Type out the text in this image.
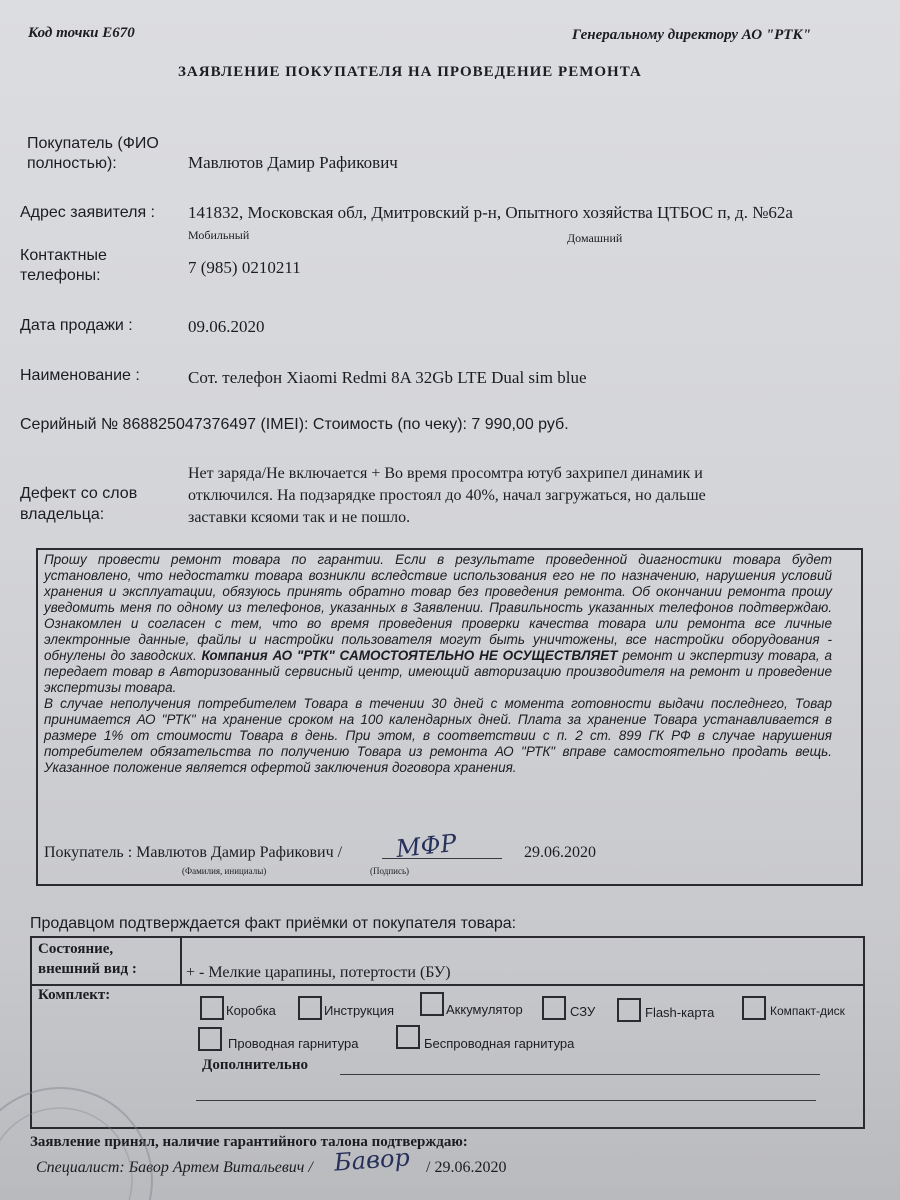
Код точки E670	Генеральному директору АО "РТК"
ЗАЯВЛЕНИЕ ПОКУПАТЕЛЯ НА ПРОВЕДЕНИЕ РЕМОНТА
Покупатель (ФИО
полностью):	Мавлютов Дамир Рафикович
Адрес заявителя : 141832, Московская обл, Дмитровский р-н, Опытного хозяйства ЦТБОС п, д. №62а
Мобильный	Домашний
Контактные
телефоны:	7 (985) 0210211
Дата продажи :	09.06.2020
Наименование :	Сот. телефон Xiaomi Redmi 8A 32Gb LTE Dual sim blue
Серийный № 868825047376497 (IMEI): Стоимость (по чеку): 7 990,00 руб.
Нет заряда/Не включается + Во время просомтра ютуб захрипел динамик и
отключился. На подзарядке простоял до 40%, начал загружаться, но дальше
заставки ксяоми так и не пошло.
Дефект со слов
владельца:
Прошу провести ремонт товара по гарантии. Если в результате проведенной диагностики товара будет установлено, что недостатки товара возникли вследствие использования его не по назначению, нарушения условий хранения и эксплуатации, обязуюсь принять обратно товар без проведения ремонта. Об окончании ремонта прошу уведомить меня по одному из телефонов, указанных в Заявлении. Правильность указанных телефонов подтверждаю. Ознакомлен и согласен с тем, что во время проведения проверки качества товара или ремонта все личные электронные данные, файлы и настройки пользователя могут быть уничтожены, все настройки оборудования - обнулены до заводских. Компания АО "РТК" САМОСТОЯТЕЛЬНО НЕ ОСУЩЕСТВЛЯЕТ ремонт и экспертизу товара, а передает товар в Авторизованный сервисный центр, имеющий авторизацию производителя на ремонт и проведение экспертизы товара.
В случае неполучения потребителем Товара в течении 30 дней с момента готовности выдачи последнего, Товар принимается АО "РТК" на хранение сроком на 100 календарных дней. Плата за хранение Товара устанавливается в размере 1% от стоимости Товара в день. При этом, в соответствии с п. 2 ст. 899 ГК РФ в случае нарушения потребителем обязательства по получению Товара из ремонта АО "РТК" вправе самостоятельно продать вещь. Указанное положение является офертой заключения договора хранения.
Покупатель : Мавлютов Дамир Рафикович / МФР	29.06.2020
(Фамилия, инициалы)	(Подпись)
Продавцом подтверждается факт приёмки от покупателя товара:
Состояние,
внешний вид :	+ - Мелкие царапины, потертости (БУ)
Комплект:
Коробка	Инструкция	Аккумулятор	СЗУ	Flash-карта	Компакт-диск
Проводная гарнитура	Беспроводная гарнитура
Дополнительно
Заявление принял, наличие гарантийного талона подтверждаю:
Специалист: Бавор Артем Витальевич / Бавор / 29.06.2020
